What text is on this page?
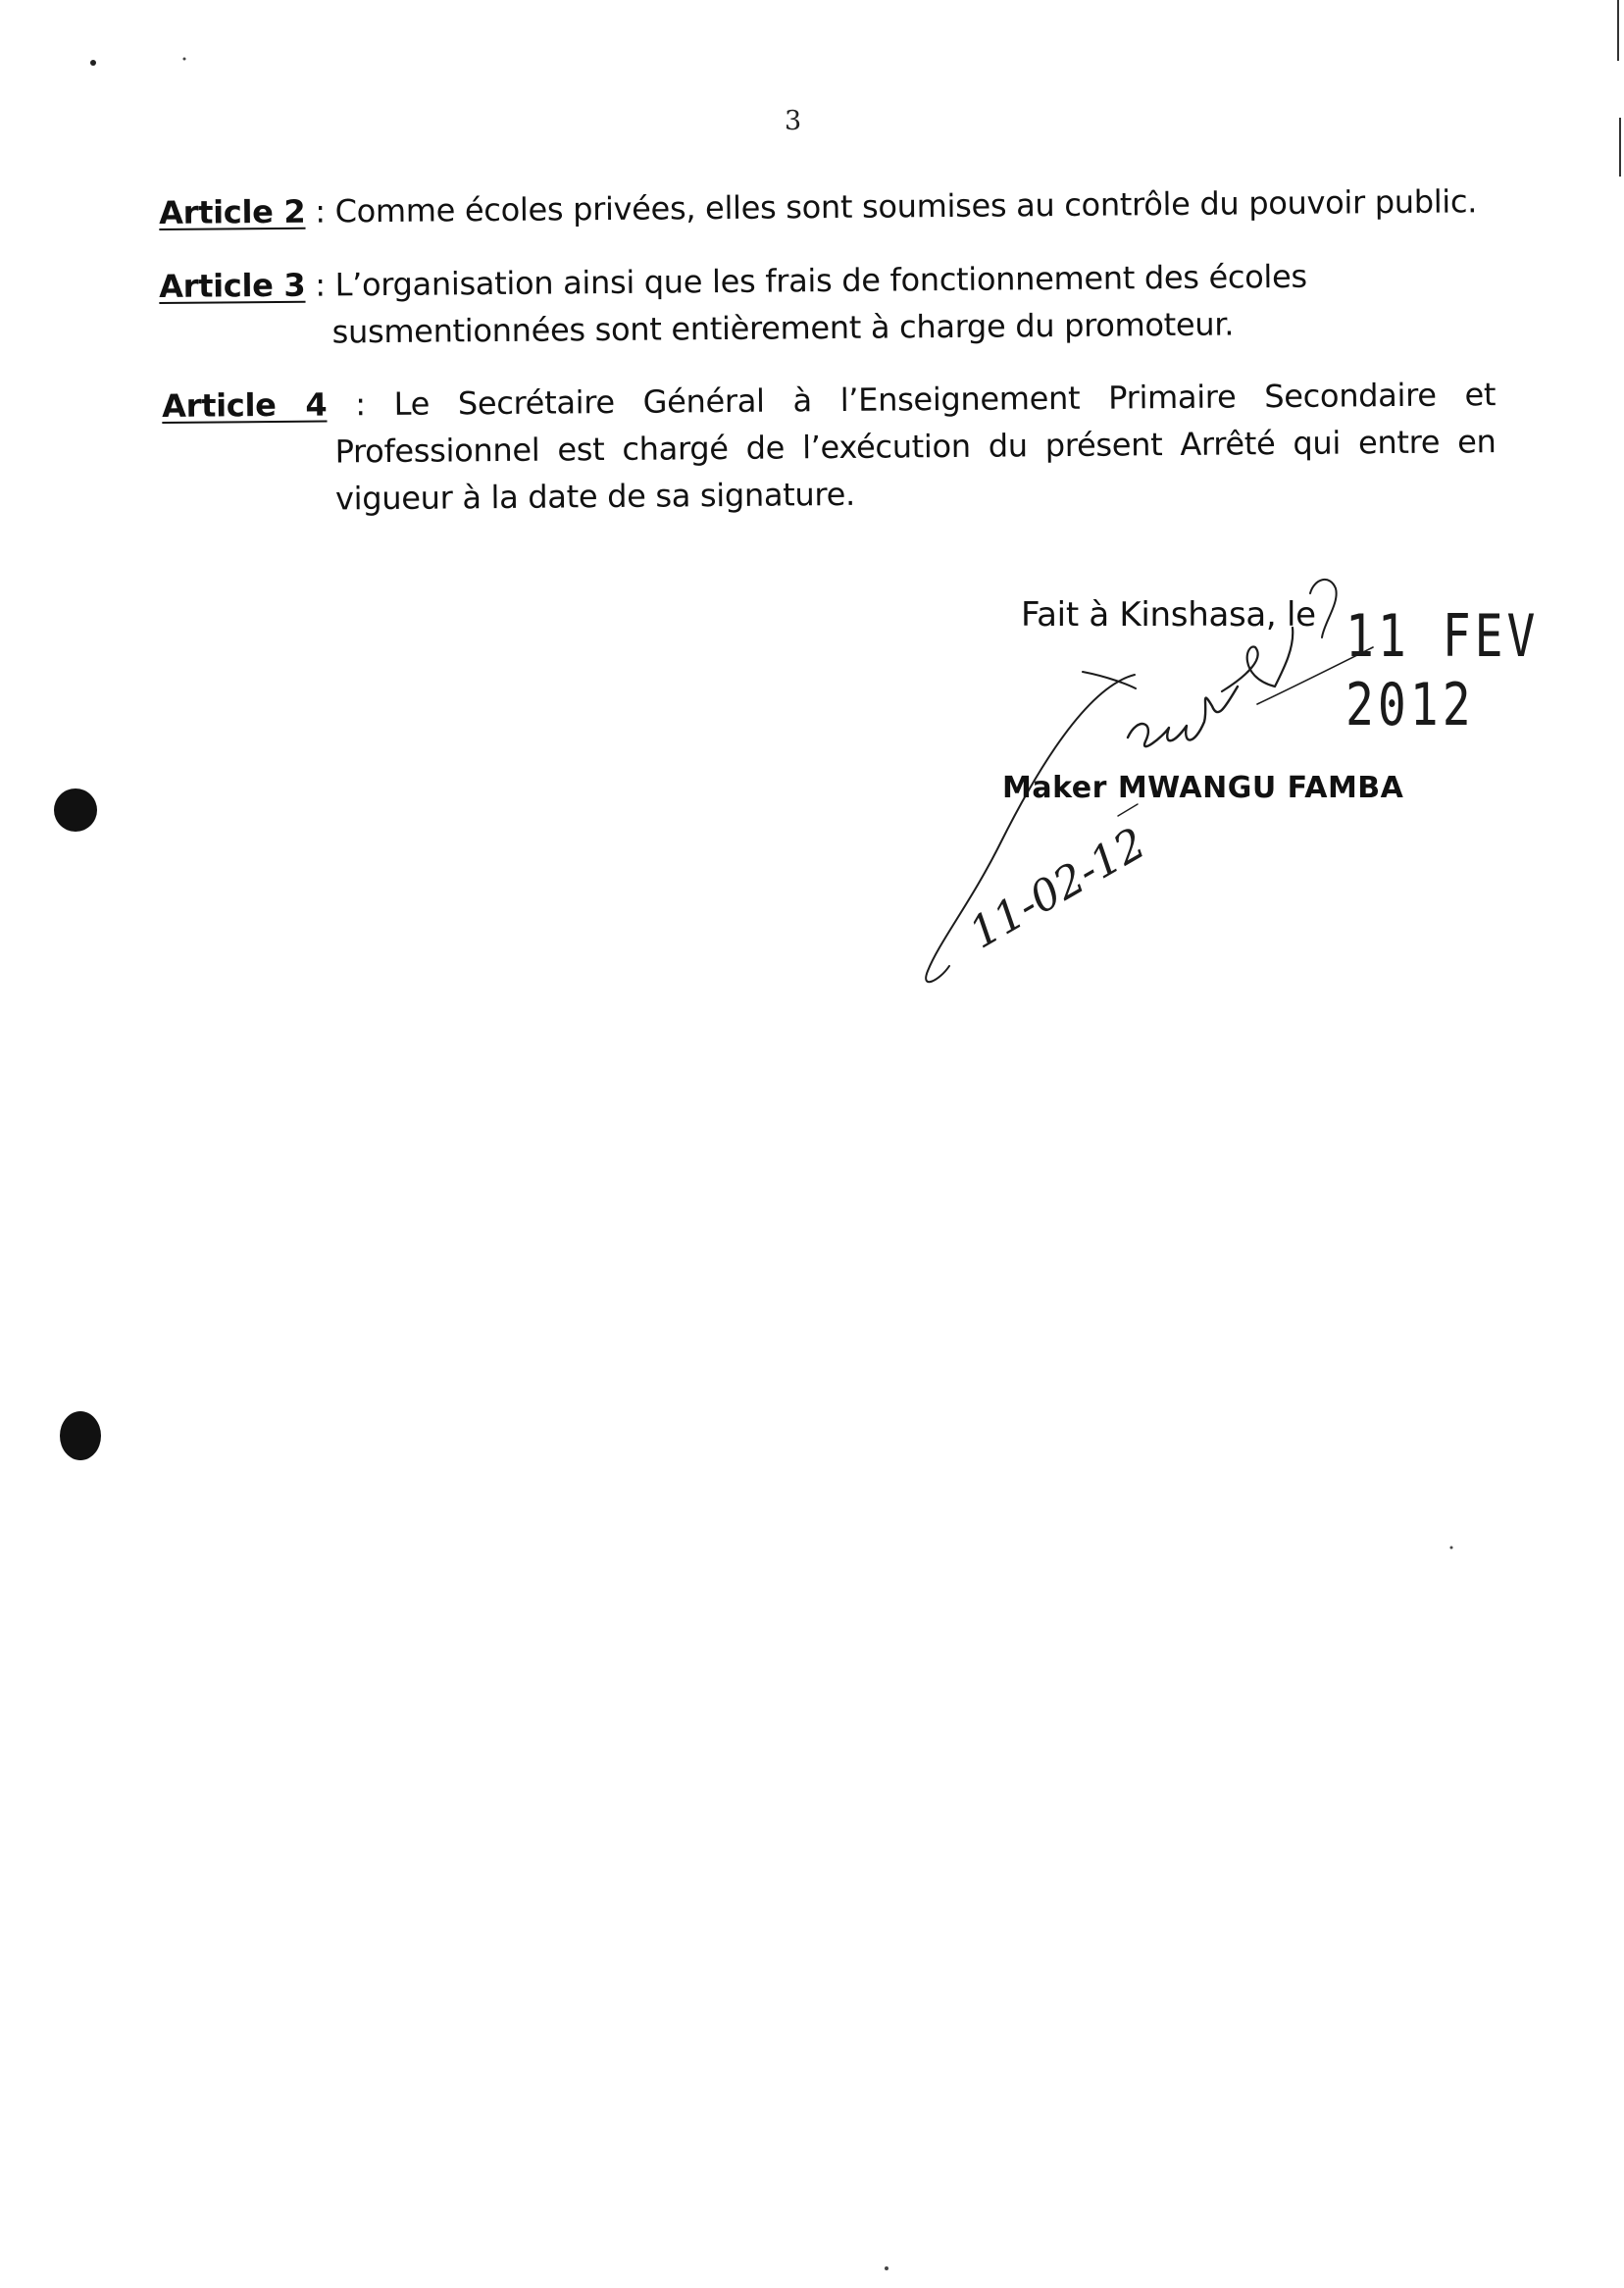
3
Article 2 : Comme écoles privées, elles sont soumises au contrôle du pouvoir public.
Article 3 : L’organisation ainsi que les frais de fonctionnement des écoles susmentionnées sont entièrement à charge du promoteur.
Article 4 : Le Secrétaire Général à l’Enseignement Primaire Secondaire et Professionnel est chargé de l’exécution du présent Arrêté qui entre en vigueur à la date de sa signature.
Fait à Kinshasa, le 11 FEV 2012
11-02-12
Maker MWANGU FAMBA
